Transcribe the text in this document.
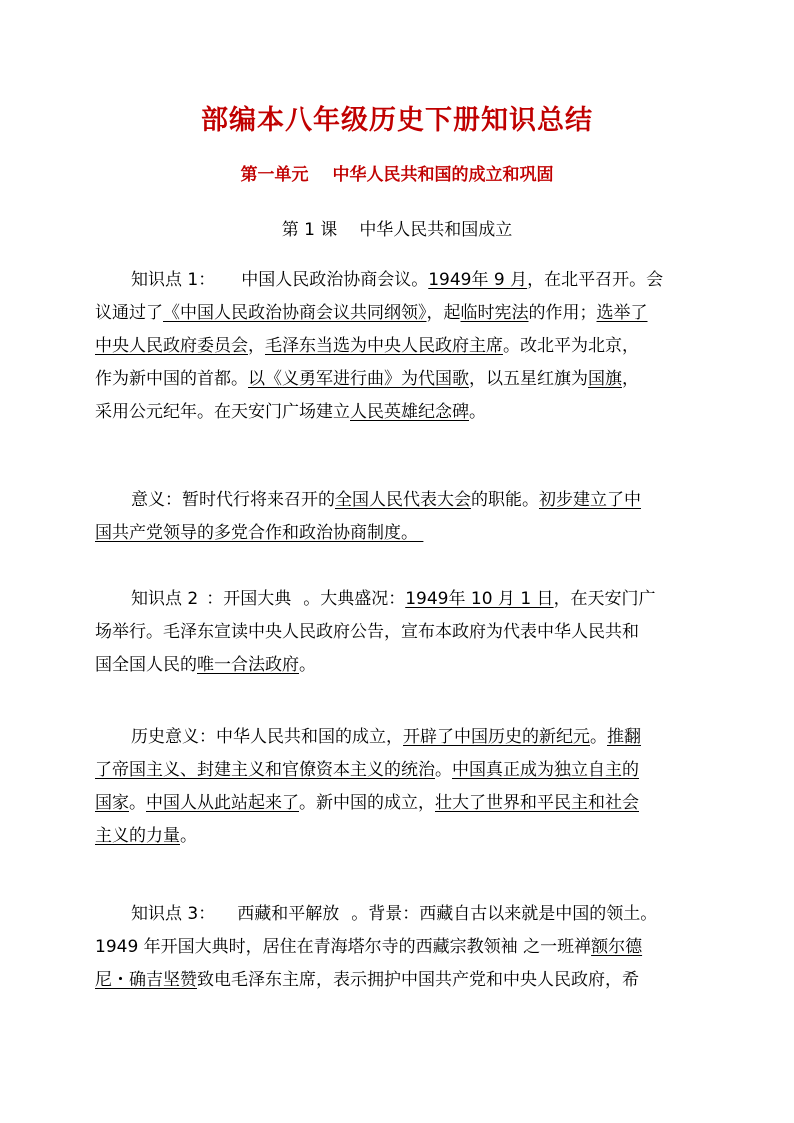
部编本八年级历史下册知识总结
第一单元 中华人民共和国的成立和巩固
第 1 课 中华人民共和国成立
知识点 1： 中国人民政治协商会议。1949年 9 月，在北平召开。会
议通过了《中国人民政治协商会议共同纲领》，起临时宪法的作用；选举了
中央人民政府委员会，毛泽东当选为中央人民政府主席。改北平为北京，
作为新中国的首都。以《义勇军进行曲》为代国歌，以五星红旗为国旗，
采用公元纪年。在天安门广场建立人民英雄纪念碑。
意义：暂时代行将来召开的全国人民代表大会的职能。初步建立了中
国共产党领导的多党合作和政治协商制度。
知识点 2 ：开国大典 。大典盛况：1949年 10 月 1 日，在天安门广
场举行。毛泽东宣读中央人民政府公告，宣布本政府为代表中华人民共和
国全国人民的唯一合法政府。
历史意义：中华人民共和国的成立，开辟了中国历史的新纪元。推翻
了帝国主义、封建主义和官僚资本主义的统治。中国真正成为独立自主的
国家。中国人从此站起来了。新中国的成立，壮大了世界和平民主和社会
主义的力量。
知识点 3： 西藏和平解放 。背景：西藏自古以来就是中国的领土。
1949 年开国大典时，居住在青海塔尔寺的西藏宗教领袖 之一班禅额尔德
尼・确吉坚赞致电毛泽东主席，表示拥护中国共产党和中央人民政府，希
